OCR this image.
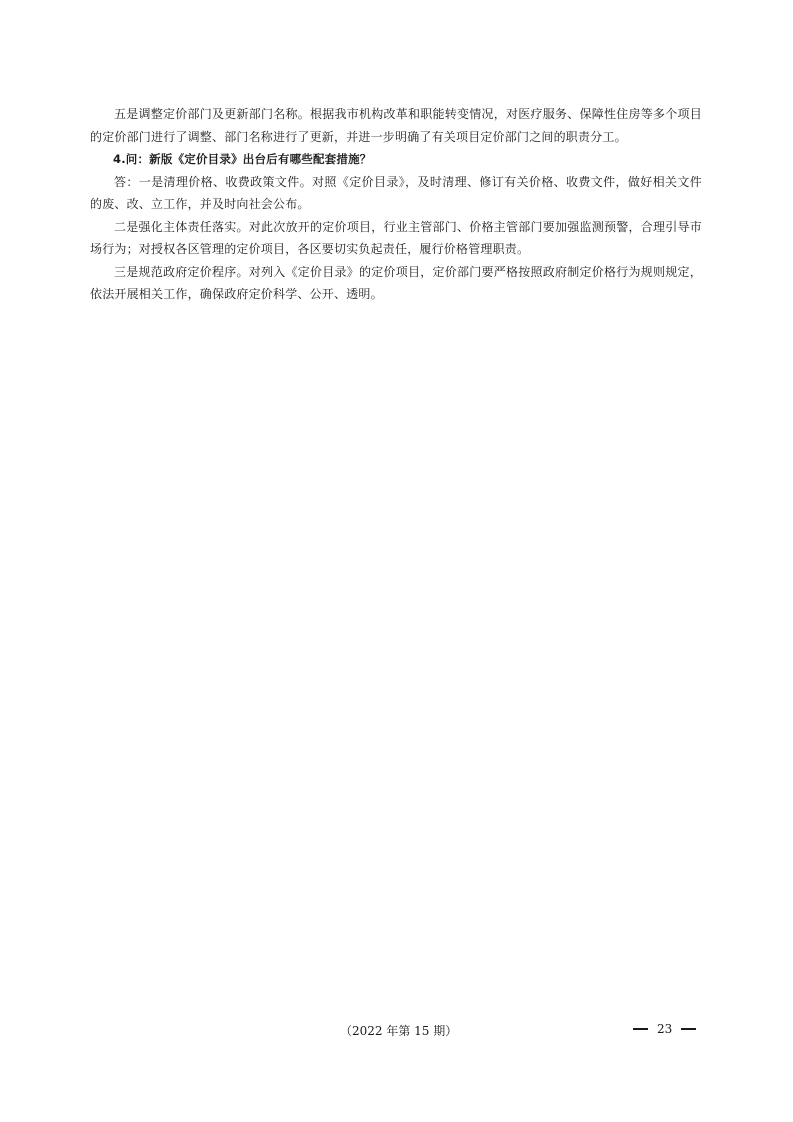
五是调整定价部门及更新部门名称。根据我市机构改革和职能转变情况，对医疗服务、保障性住房等多个项目的定价部门进行了调整、部门名称进行了更新，并进一步明确了有关项目定价部门之间的职责分工。

4.问：新版《定价目录》出台后有哪些配套措施？

答：一是清理价格、收费政策文件。对照《定价目录》，及时清理、修订有关价格、收费文件，做好相关文件的废、改、立工作，并及时向社会公布。

二是强化主体责任落实。对此次放开的定价项目，行业主管部门、价格主管部门要加强监测预警，合理引导市场行为；对授权各区管理的定价项目，各区要切实负起责任，履行价格管理职责。

三是规范政府定价程序。对列入《定价目录》的定价项目，定价部门要严格按照政府制定价格行为规则规定，依法开展相关工作，确保政府定价科学、公开、透明。

（2022 年第 15 期）	23
